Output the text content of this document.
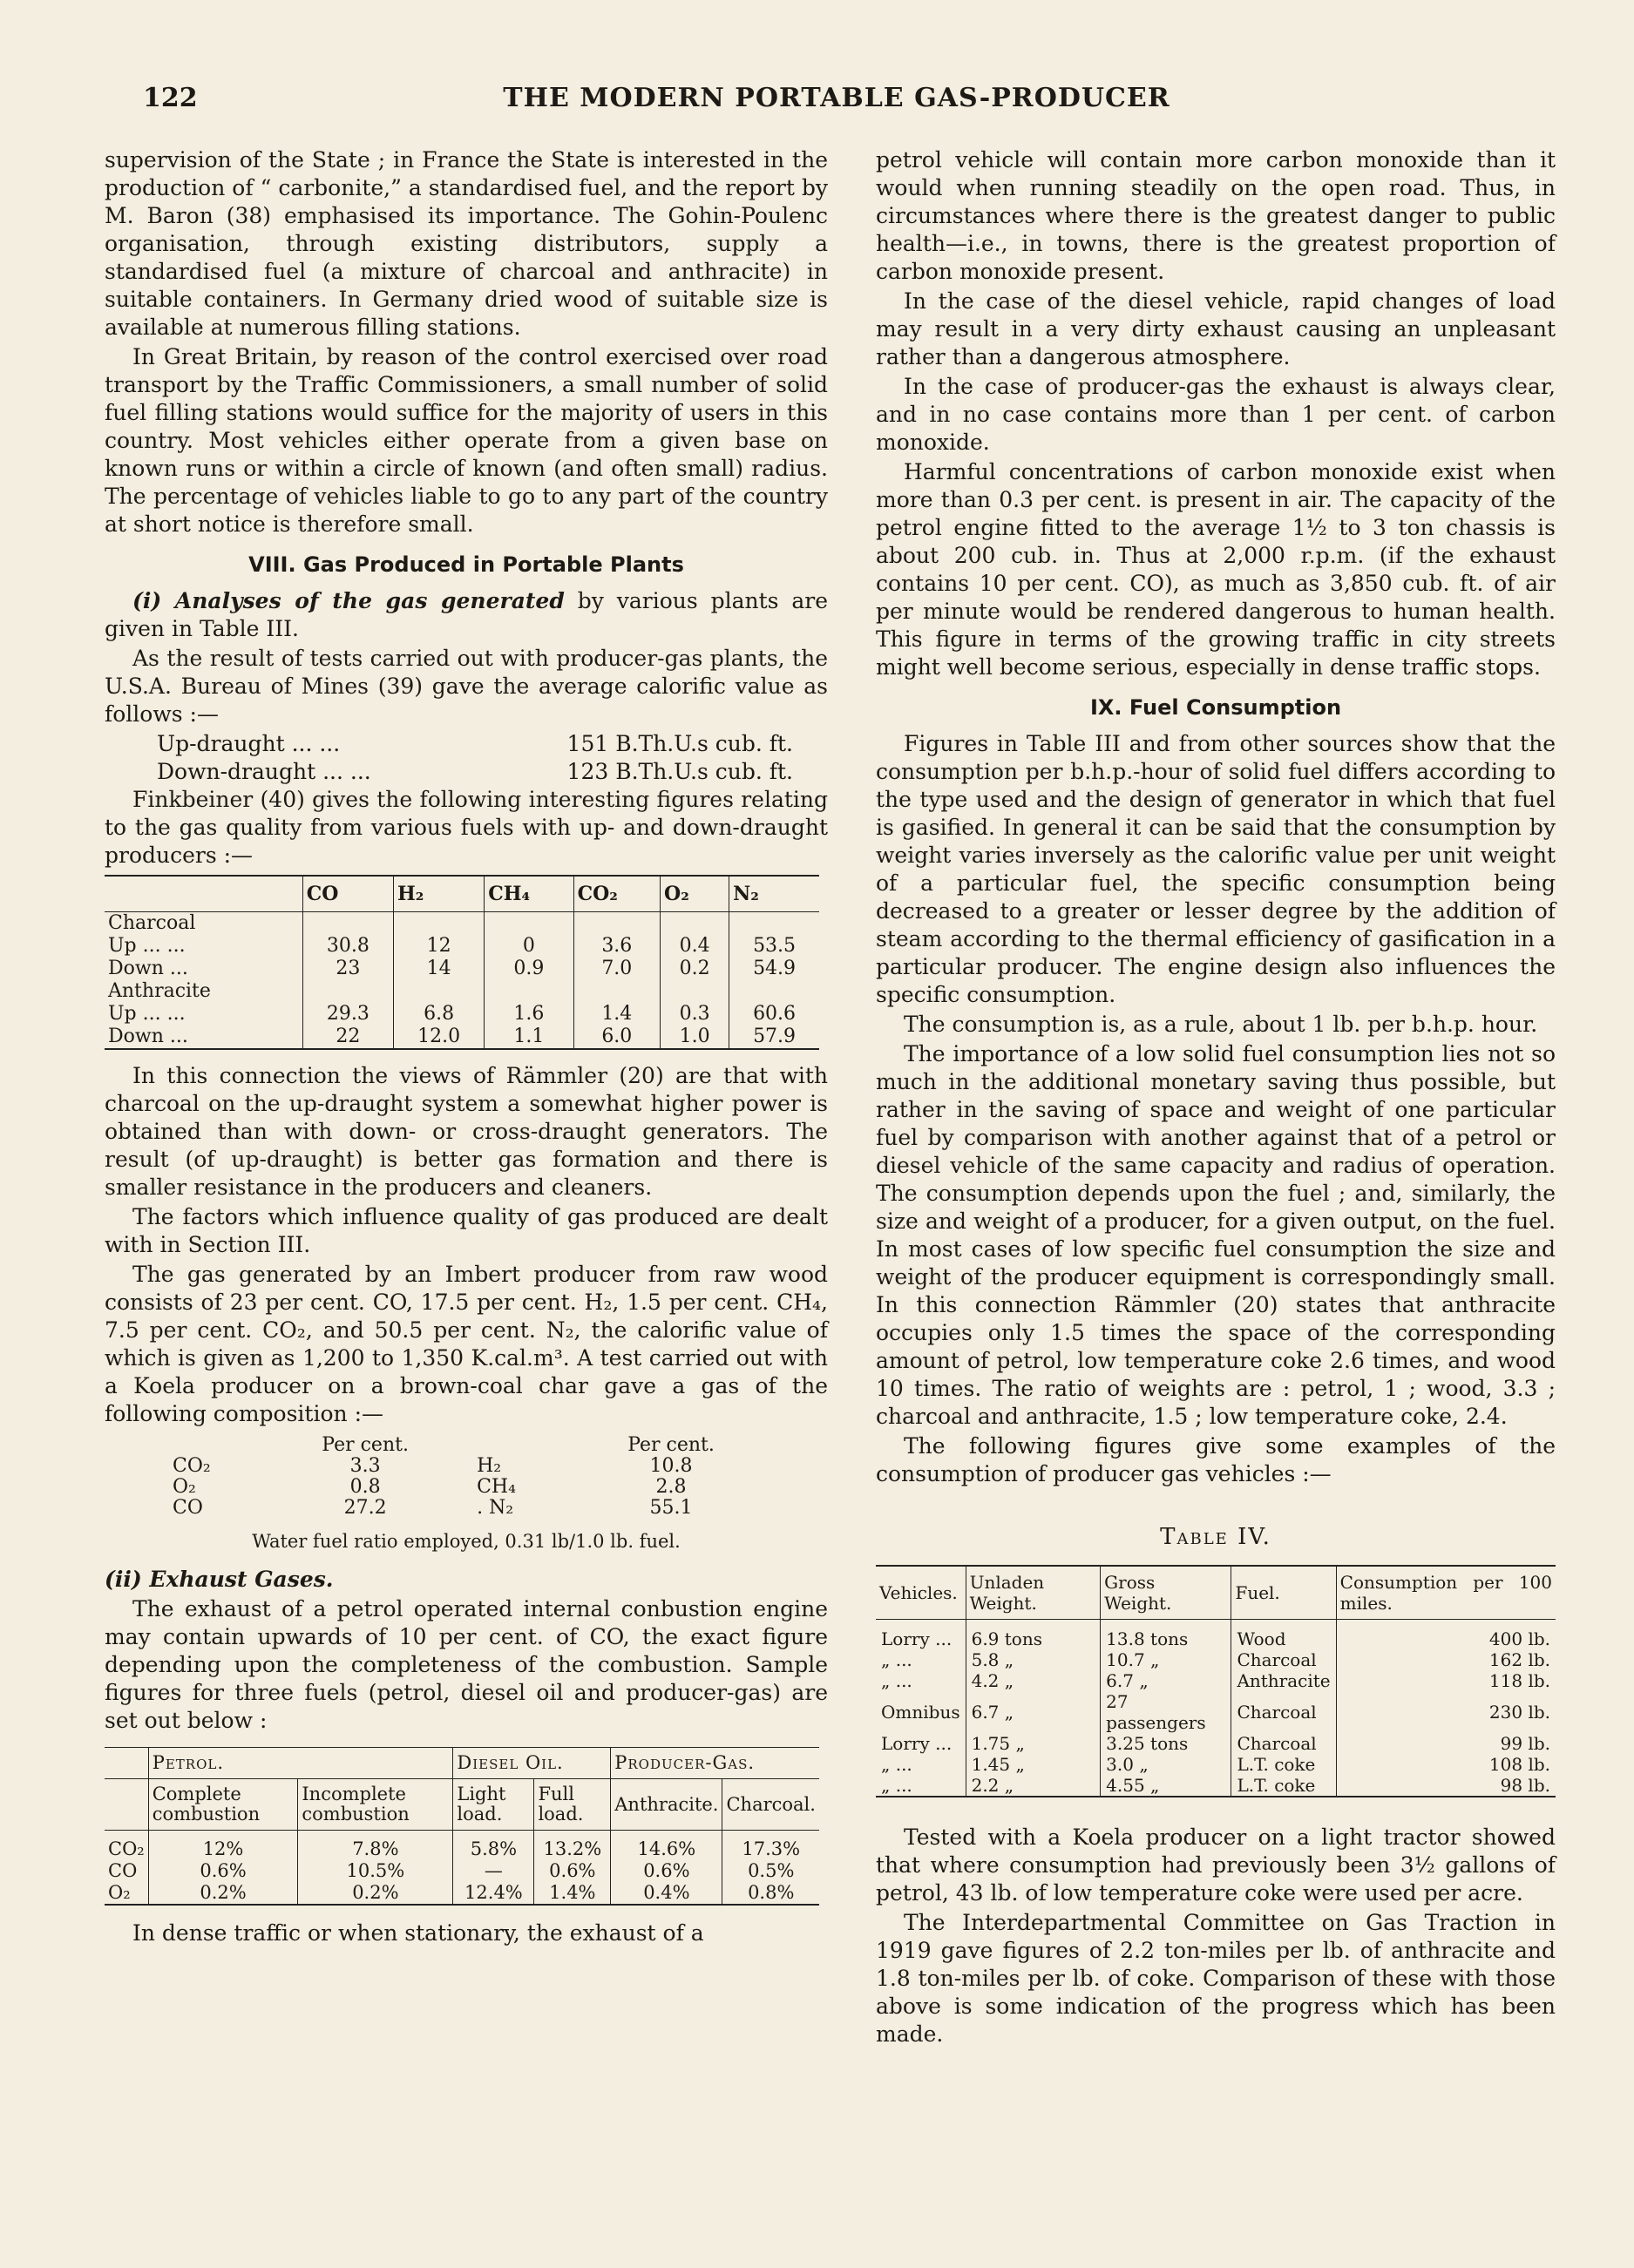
122	THE MODERN PORTABLE GAS-PRODUCER

supervision of the State ; in France the State is interested in the production of “ carbonite,” a standardised fuel, and the report by M. Baron (38) emphasised its importance. The Gohin-Poulenc organisation, through existing distributors, supply a standardised fuel (a mixture of charcoal and anthracite) in suitable containers. In Germany dried wood of suitable size is available at numerous filling stations.

In Great Britain, by reason of the control exercised over road transport by the Traffic Commissioners, a small number of solid fuel filling stations would suffice for the majority of users in this country. Most vehicles either operate from a given base on known runs or within a circle of known (and often small) radius. The percentage of vehicles liable to go to any part of the country at short notice is therefore small.

VIII. Gas Produced in Portable Plants

(i) Analyses of the gas generated by various plants are given in Table III.

As the result of tests carried out with producer-gas plants, the U.S.A. Bureau of Mines (39) gave the average calorific value as follows :—

Up-draught ... ...	151 B.Th.U.s cub. ft.
Down-draught ... ...	123 B.Th.U.s cub. ft.

Finkbeiner (40) gives the following interesting figures relating to the gas quality from various fuels with up- and down-draught producers :—

	CO	H₂	CH₄	CO₂	O₂	N₂
Charcoal						
Up ... ...	30.8	12	0	3.6	0.4	53.5
Down ...	23	14	0.9	7.0	0.2	54.9
Anthracite						
Up ... ...	29.3	6.8	1.6	1.4	0.3	60.6
Down ...	22	12.0	1.1	6.0	1.0	57.9

In this connection the views of Rämmler (20) are that with charcoal on the up-draught system a somewhat higher power is obtained than with down- or cross-draught generators. The result (of up-draught) is better gas formation and there is smaller resistance in the producers and cleaners.

The factors which influence quality of gas produced are dealt with in Section III.

The gas generated by an Imbert producer from raw wood consists of 23 per cent. CO, 17.5 per cent. H₂, 1.5 per cent. CH₄, 7.5 per cent. CO₂, and 50.5 per cent. N₂, the calorific value of which is given as 1,200 to 1,350 K.cal.m³. A test carried out with a Koela producer on a brown-coal char gave a gas of the following composition :—

	Per cent.		Per cent.
CO₂	3.3	H₂	10.8
O₂	0.8	CH₄	2.8
CO	27.2	. N₂	55.1
Water fuel ratio employed, 0.31 lb/1.0 lb. fuel.

(ii) Exhaust Gases.

The exhaust of a petrol operated internal conbustion engine may contain upwards of 10 per cent. of CO, the exact figure depending upon the completeness of the combustion. Sample figures for three fuels (petrol, diesel oil and producer-gas) are set out below :

	Petrol.		Diesel Oil.		Producer-Gas.	
	Complete combustion	Incomplete combustion	Light load.	Full load.	Anthracite.	Charcoal.
CO₂	12%	7.8%	5.8%	13.2%	14.6%	17.3%
CO	0.6%	10.5%	—	0.6%	0.6%	0.5%
O₂	0.2%	0.2%	12.4%	1.4%	0.4%	0.8%

In dense traffic or when stationary, the exhaust of a

petrol vehicle will contain more carbon monoxide than it would when running steadily on the open road. Thus, in circumstances where there is the greatest danger to public health—i.e., in towns, there is the greatest proportion of carbon monoxide present.

In the case of the diesel vehicle, rapid changes of load may result in a very dirty exhaust causing an unpleasant rather than a dangerous atmosphere.

In the case of producer-gas the exhaust is always clear, and in no case contains more than 1 per cent. of carbon monoxide.

Harmful concentrations of carbon monoxide exist when more than 0.3 per cent. is present in air. The capacity of the petrol engine fitted to the average 1½ to 3 ton chassis is about 200 cub. in. Thus at 2,000 r.p.m. (if the exhaust contains 10 per cent. CO), as much as 3,850 cub. ft. of air per minute would be rendered dangerous to human health. This figure in terms of the growing traffic in city streets might well become serious, especially in dense traffic stops.

IX. Fuel Consumption

Figures in Table III and from other sources show that the consumption per b.h.p.-hour of solid fuel differs according to the type used and the design of generator in which that fuel is gasified. In general it can be said that the consumption by weight varies inversely as the calorific value per unit weight of a particular fuel, the specific consumption being decreased to a greater or lesser degree by the addition of steam according to the thermal efficiency of gasification in a particular producer. The engine design also influences the specific consumption.

The consumption is, as a rule, about 1 lb. per b.h.p. hour.

The importance of a low solid fuel consumption lies not so much in the additional monetary saving thus possible, but rather in the saving of space and weight of one particular fuel by comparison with another against that of a petrol or diesel vehicle of the same capacity and radius of operation. The consumption depends upon the fuel ; and, similarly, the size and weight of a producer, for a given output, on the fuel. In most cases of low specific fuel consumption the size and weight of the producer equipment is correspondingly small. In this connection Rämmler (20) states that anthracite occupies only 1.5 times the space of the corresponding amount of petrol, low temperature coke 2.6 times, and wood 10 times. The ratio of weights are : petrol, 1 ; wood, 3.3 ; charcoal and anthracite, 1.5 ; low temperature coke, 2.4.

The following figures give some examples of the consumption of producer gas vehicles :—

Table IV.
Vehicles.	Unladen Weight.	Gross Weight.	Fuel.	Consumption per 100 miles.
Lorry ...	6.9 tons	13.8 tons	Wood	400 lb.
„ ...	5.8 „	10.7 „	Charcoal	162 lb.
„ ...	4.2 „	6.7 „	Anthracite	118 lb.
Omnibus	6.7 „	27 passengers	Charcoal	230 lb.
Lorry ...	1.75 „	3.25 tons	Charcoal	99 lb.
„ ...	1.45 „	3.0 „	L.T. coke	108 lb.
„ ...	2.2 „	4.55 „	L.T. coke	98 lb.

Tested with a Koela producer on a light tractor showed that where consumption had previously been 3½ gallons of petrol, 43 lb. of low temperature coke were used per acre.

The Interdepartmental Committee on Gas Traction in 1919 gave figures of 2.2 ton-miles per lb. of anthracite and 1.8 ton-miles per lb. of coke. Comparison of these with those above is some indication of the progress which has been made.
